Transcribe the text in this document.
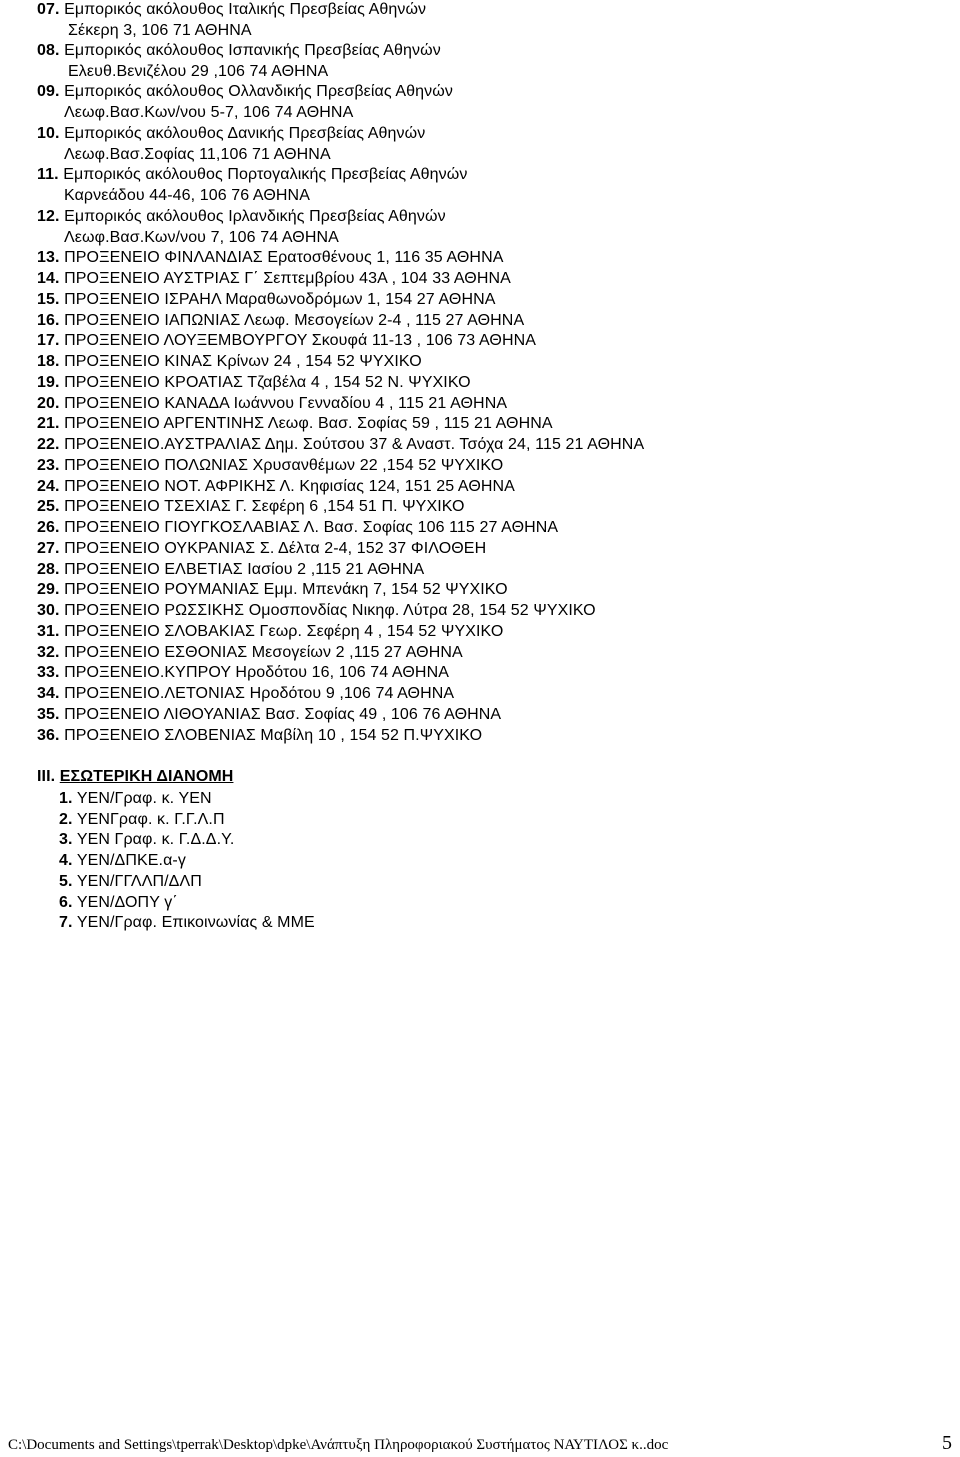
07. Εμπορικός ακόλουθος Ιταλικής Πρεσβείας Αθηνών
Σέκερη 3, 106 71 ΑΘΗΝΑ
08. Εμπορικός ακόλουθος Ισπανικής Πρεσβείας Αθηνών
Ελευθ.Βενιζέλου 29 ,106 74 ΑΘΗΝΑ
09. Εμπορικός ακόλουθος Ολλανδικής Πρεσβείας Αθηνών
Λεωφ.Βασ.Κων/νου 5-7, 106 74 ΑΘΗΝΑ
10. Εμπορικός ακόλουθος Δανικής Πρεσβείας Αθηνών
Λεωφ.Βασ.Σοφίας 11,106 71 ΑΘΗΝΑ
11. Εμπορικός ακόλουθος Πορτογαλικής Πρεσβείας Αθηνών
Καρνεάδου 44-46, 106 76 ΑΘΗΝΑ
12. Εμπορικός ακόλουθος Ιρλανδικής Πρεσβείας Αθηνών
Λεωφ.Βασ.Κων/νου 7, 106 74 ΑΘΗΝΑ
13. ΠΡΟΞΕΝΕΙΟ ΦΙΝΛΑΝΔΙΑΣ Ερατοσθένους 1, 116 35 ΑΘΗΝΑ
14. ΠΡΟΞΕΝΕΙΟ ΑΥΣΤΡΙΑΣ Γ΄ Σεπτεμβρίου 43Α , 104 33 ΑΘΗΝΑ
15. ΠΡΟΞΕΝΕΙΟ ΙΣΡΑΗΛ Μαραθωνοδρόμων 1, 154 27 ΑΘΗΝΑ
16. ΠΡΟΞΕΝΕΙΟ ΙΑΠΩΝΙΑΣ Λεωφ. Μεσογείων 2-4 , 115 27 ΑΘΗΝΑ
17. ΠΡΟΞΕΝΕΙΟ ΛΟΥΞΕΜΒΟΥΡΓΟΥ Σκουφά 11-13 , 106 73 ΑΘΗΝΑ
18. ΠΡΟΞΕΝΕΙΟ ΚΙΝΑΣ Κρίνων 24 , 154 52 ΨΥΧΙΚΟ
19. ΠΡΟΞΕΝΕΙΟ ΚΡΟΑΤΙΑΣ Τζαβέλα 4 , 154 52 Ν. ΨΥΧΙΚΟ
20. ΠΡΟΞΕΝΕΙΟ ΚΑΝΑΔΑ Ιωάννου Γενναδίου 4 , 115 21 ΑΘΗΝΑ
21. ΠΡΟΞΕΝΕΙΟ ΑΡΓΕΝΤΙΝΗΣ Λεωφ. Βασ. Σοφίας 59 , 115 21 ΑΘΗΝΑ
22. ΠΡΟΞΕΝΕΙΟ.ΑΥΣΤΡΑΛΙΑΣ Δημ. Σούτσου 37 & Αναστ. Τσόχα 24, 115 21 ΑΘΗΝΑ
23. ΠΡΟΞΕΝΕΙΟ ΠΟΛΩΝΙΑΣ Χρυσανθέμων 22 ,154 52 ΨΥΧΙΚΟ
24. ΠΡΟΞΕΝΕΙΟ ΝΟΤ. ΑΦΡΙΚΗΣ Λ. Κηφισίας 124, 151 25 ΑΘΗΝΑ
25. ΠΡΟΞΕΝΕΙΟ ΤΣΕΧΙΑΣ Γ. Σεφέρη 6 ,154 51 Π. ΨΥΧΙΚΟ
26. ΠΡΟΞΕΝΕΙΟ ΓΙΟΥΓΚΟΣΛΑΒΙΑΣ Λ. Βασ. Σοφίας 106 115 27 ΑΘΗΝΑ
27. ΠΡΟΞΕΝΕΙΟ ΟΥΚΡΑΝΙΑΣ Σ. Δέλτα 2-4, 152 37 ΦΙΛΟΘΕΗ
28. ΠΡΟΞΕΝΕΙΟ ΕΛΒΕΤΙΑΣ Ιασίου 2 ,115 21 ΑΘΗΝΑ
29. ΠΡΟΞΕΝΕΙΟ ΡΟΥΜΑΝΙΑΣ Εμμ. Μπενάκη 7, 154 52 ΨΥΧΙΚΟ
30. ΠΡΟΞΕΝΕΙΟ ΡΩΣΣΙΚΗΣ Ομοσπονδίας Νικηφ. Λύτρα 28, 154 52 ΨΥΧΙΚΟ
31. ΠΡΟΞΕΝΕΙΟ ΣΛΟΒΑΚΙΑΣ Γεωρ. Σεφέρη 4 , 154 52 ΨΥΧΙΚΟ
32. ΠΡΟΞΕΝΕΙΟ ΕΣΘΟΝΙΑΣ Μεσογείων 2 ,115 27 ΑΘΗΝΑ
33. ΠΡΟΞΕΝΕΙΟ.ΚΥΠΡΟΥ Ηροδότου 16, 106 74 ΑΘΗΝΑ
34. ΠΡΟΞΕΝΕΙΟ.ΛΕΤΟΝΙΑΣ Ηροδότου 9 ,106 74 ΑΘΗΝΑ
35. ΠΡΟΞΕΝΕΙΟ ΛΙΘΟΥΑΝΙΑΣ Βασ. Σοφίας 49 , 106 76 ΑΘΗΝΑ
36. ΠΡΟΞΕΝΕΙΟ ΣΛΟΒΕΝΙΑΣ Μαβίλη 10 , 154 52 Π.ΨΥΧΙΚΟ
ΙΙΙ. ΕΣΩΤΕΡΙΚΗ ΔΙΑΝΟΜΗ
1. ΥΕΝ/Γραφ. κ. ΥΕΝ
2. ΥΕΝΓραφ. κ. Γ.Γ.Λ.Π
3. ΥΕΝ Γραφ. κ. Γ.Δ.Δ.Υ.
4. ΥΕΝ/ΔΠΚΕ.α-γ
5. ΥΕΝ/ΓΓΛΛΠ/ΔΛΠ
6. ΥΕΝ/ΔΟΠΥ γ΄
7. ΥΕΝ/Γραφ. Επικοινωνίας & ΜΜΕ
C:\Documents and Settings\tperrak\Desktop\dpke\Ανάπτυξη Πληροφοριακού Συστήματος ΝΑΥΤΙΛΟΣ κ..doc	5
